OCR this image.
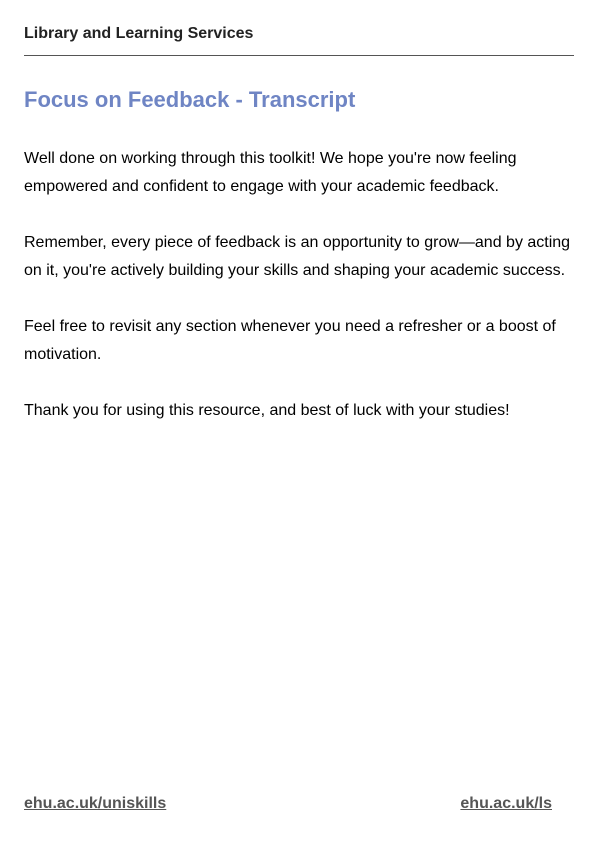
Library and Learning Services
Focus on Feedback - Transcript

Well done on working through this toolkit! We hope you're now feeling empowered and confident to engage with your academic feedback.

Remember, every piece of feedback is an opportunity to grow—and by acting on it, you're actively building your skills and shaping your academic success.

Feel free to revisit any section whenever you need a refresher or a boost of motivation.

Thank you for using this resource, and best of luck with your studies!

ehu.ac.uk/uniskills	ehu.ac.uk/ls
